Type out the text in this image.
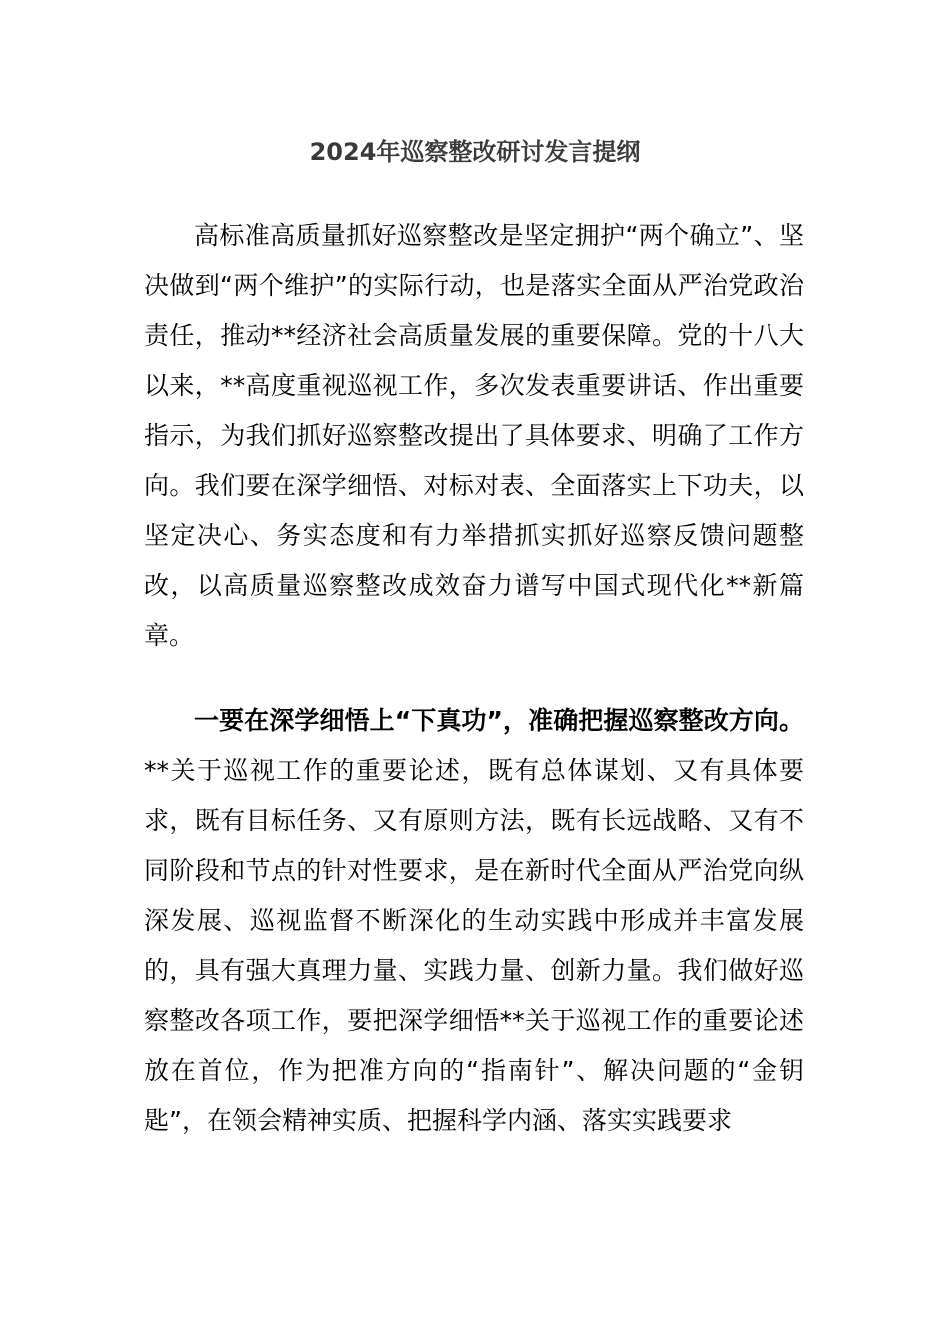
2024年巡察整改研讨发言提纲

高标准高质量抓好巡察整改是坚定拥护“两个确立”、坚决做到“两个维护”的实际行动，也是落实全面从严治党政治责任，推动**经济社会高质量发展的重要保障。党的十八大以来，**高度重视巡视工作，多次发表重要讲话、作出重要指示，为我们抓好巡察整改提出了具体要求、明确了工作方向。我们要在深学细悟、对标对表、全面落实上下功夫，以坚定决心、务实态度和有力举措抓实抓好巡察反馈问题整改，以高质量巡察整改成效奋力谱写中国式现代化**新篇章。

一要在深学细悟上“下真功”，准确把握巡察整改方向。**关于巡视工作的重要论述，既有总体谋划、又有具体要求，既有目标任务、又有原则方法，既有长远战略、又有不同阶段和节点的针对性要求，是在新时代全面从严治党向纵深发展、巡视监督不断深化的生动实践中形成并丰富发展的，具有强大真理力量、实践力量、创新力量。我们做好巡察整改各项工作，要把深学细悟**关于巡视工作的重要论述放在首位，作为把准方向的“指南针”、解决问题的“金钥匙”，在领会精神实质、把握科学内涵、落实实践要求
